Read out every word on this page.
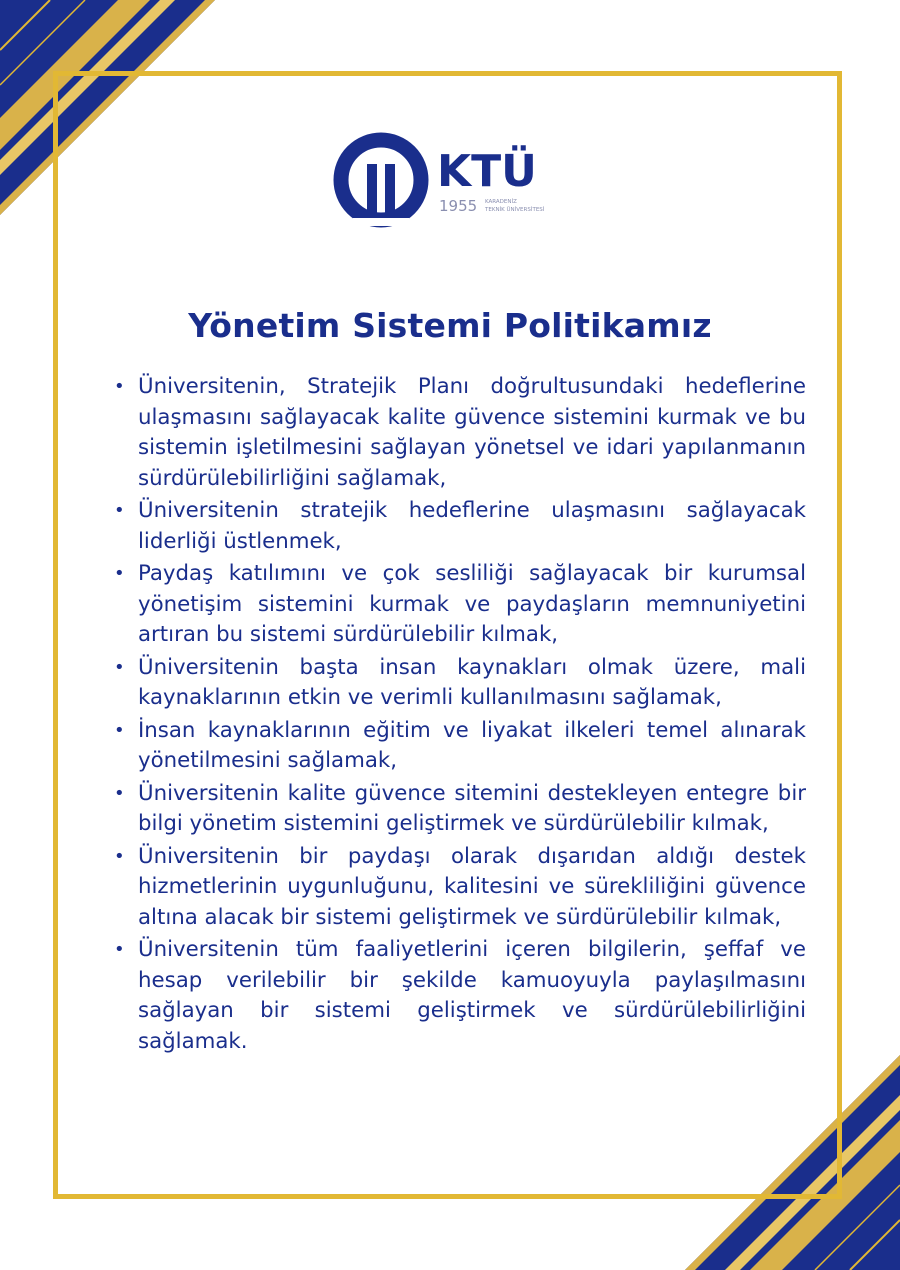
KTÜ
1955 KARADENİZ
TEKNİK ÜNİVERSİTESİ
Yönetim Sistemi Politikamız
• Üniversitenin, Stratejik Planı doğrultusundaki hedeflerine ulaşmasını sağlayacak kalite güvence sistemini kurmak ve bu sistemin işletilmesini sağlayan yönetsel ve idari yapılanmanın sürdürülebilirliğini sağlamak,
• Üniversitenin stratejik hedeflerine ulaşmasını sağlayacak liderliği üstlenmek,
• Paydaş katılımını ve çok sesliliği sağlayacak bir kurumsal yönetişim sistemini kurmak ve paydaşların memnuniyetini artıran bu sistemi sürdürülebilir kılmak,
• Üniversitenin başta insan kaynakları olmak üzere, mali kaynaklarının etkin ve verimli kullanılmasını sağlamak,
• İnsan kaynaklarının eğitim ve liyakat ilkeleri temel alınarak yönetilmesini sağlamak,
• Üniversitenin kalite güvence sitemini destekleyen entegre bir bilgi yönetim sistemini geliştirmek ve sürdürülebilir kılmak,
• Üniversitenin bir paydaşı olarak dışarıdan aldığı destek hizmetlerinin uygunluğunu, kalitesini ve sürekliliğini güvence altına alacak bir sistemi geliştirmek ve sürdürülebilir kılmak,
• Üniversitenin tüm faaliyetlerini içeren bilgilerin, şeffaf ve hesap verilebilir bir şekilde kamuoyuyla paylaşılmasını sağlayan bir sistemi geliştirmek ve sürdürülebilirliğini sağlamak.
